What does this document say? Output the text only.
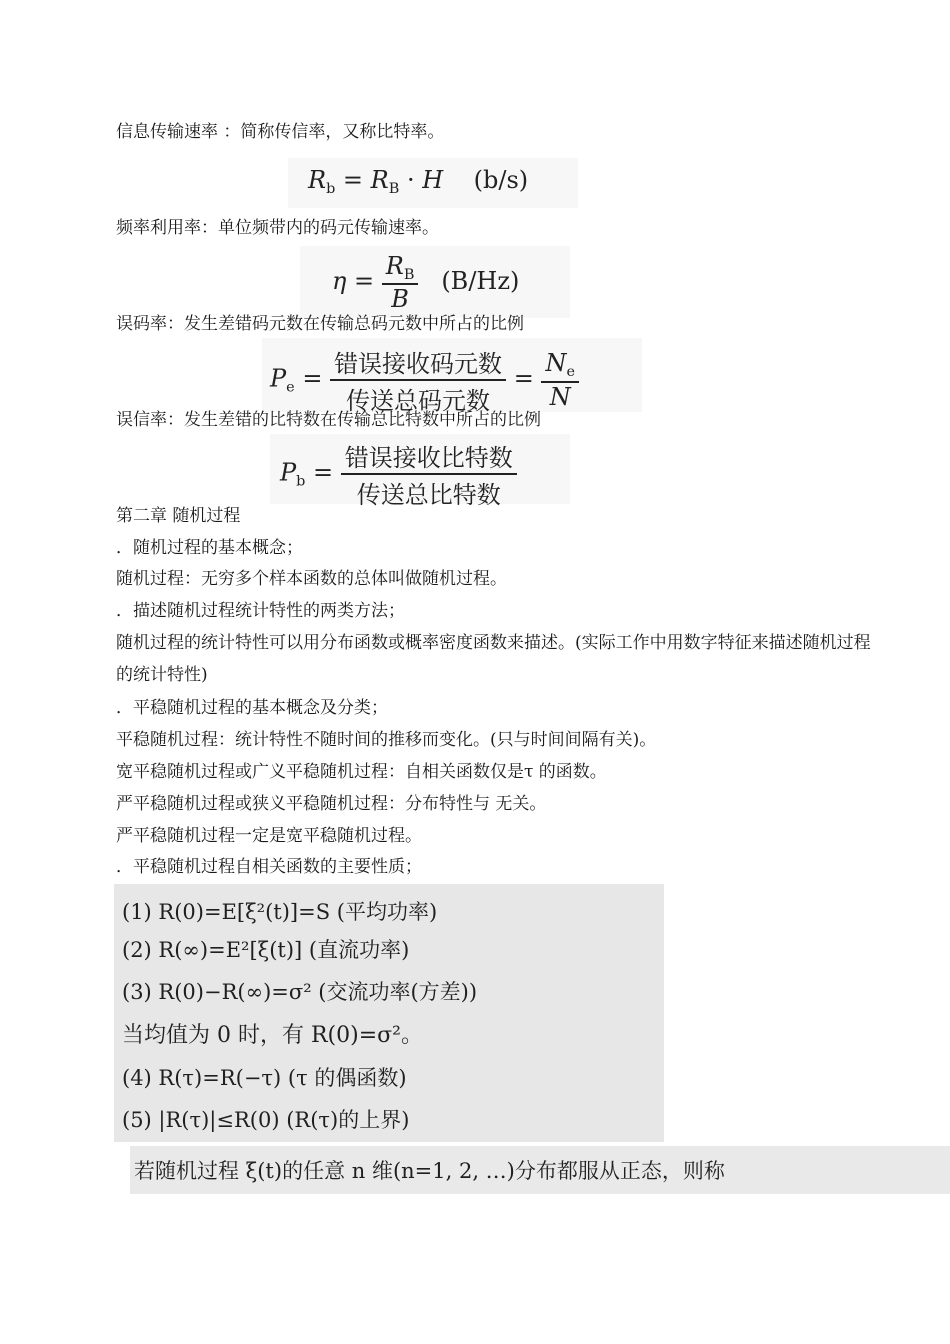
信息传输速率 ：简称传信率，又称比特率。
$R_b = R_B \cdot H$ (b/s)
频率利用率：单位频带内的码元传输速率。
$\eta = \frac{R_B}{B} (B/Hz)$
误码率：发生差错码元数在传输总码元数中所占的比例
$P_e = \frac{\text{错误接收码元数}}{\text{传送总码元数}} = \frac{N_e}{N}$
误信率：发生差错的比特数在传输总比特数中所占的比例
$P_b = \frac{\text{错误接收比特数}}{\text{传送总比特数}}$
第二章 随机过程
．随机过程的基本概念；
随机过程：无穷多个样本函数的总体叫做随机过程。
．描述随机过程统计特性的两类方法；
随机过程的统计特性可以用分布函数或概率密度函数来描述。(实际工作中用数字特征来描述随机过程的统计特性)
．平稳随机过程的基本概念及分类；
平稳随机过程：统计特性不随时间的推移而变化。(只与时间间隔有关)。
宽平稳随机过程或广义平稳随机过程：自相关函数仅是τ 的函数。
严平稳随机过程或狭义平稳随机过程：分布特性与 无关。
严平稳随机过程一定是宽平稳随机过程。
．平稳随机过程自相关函数的主要性质；
(1) R(0)=E[ξ²(t)]=S (平均功率)
(2) R(∞)=E²[ξ(t)] (直流功率)
(3) R(0)−R(∞)=σ² (交流功率(方差))
当均值为 0 时，有 R(0)=σ²。
(4) R(τ)=R(−τ) (τ 的偶函数)
(5) |R(τ)|≤R(0) (R(τ)的上界)
若随机过程 ξ(t)的任意 n 维(n=1, 2, …)分布都服从正态，则称
